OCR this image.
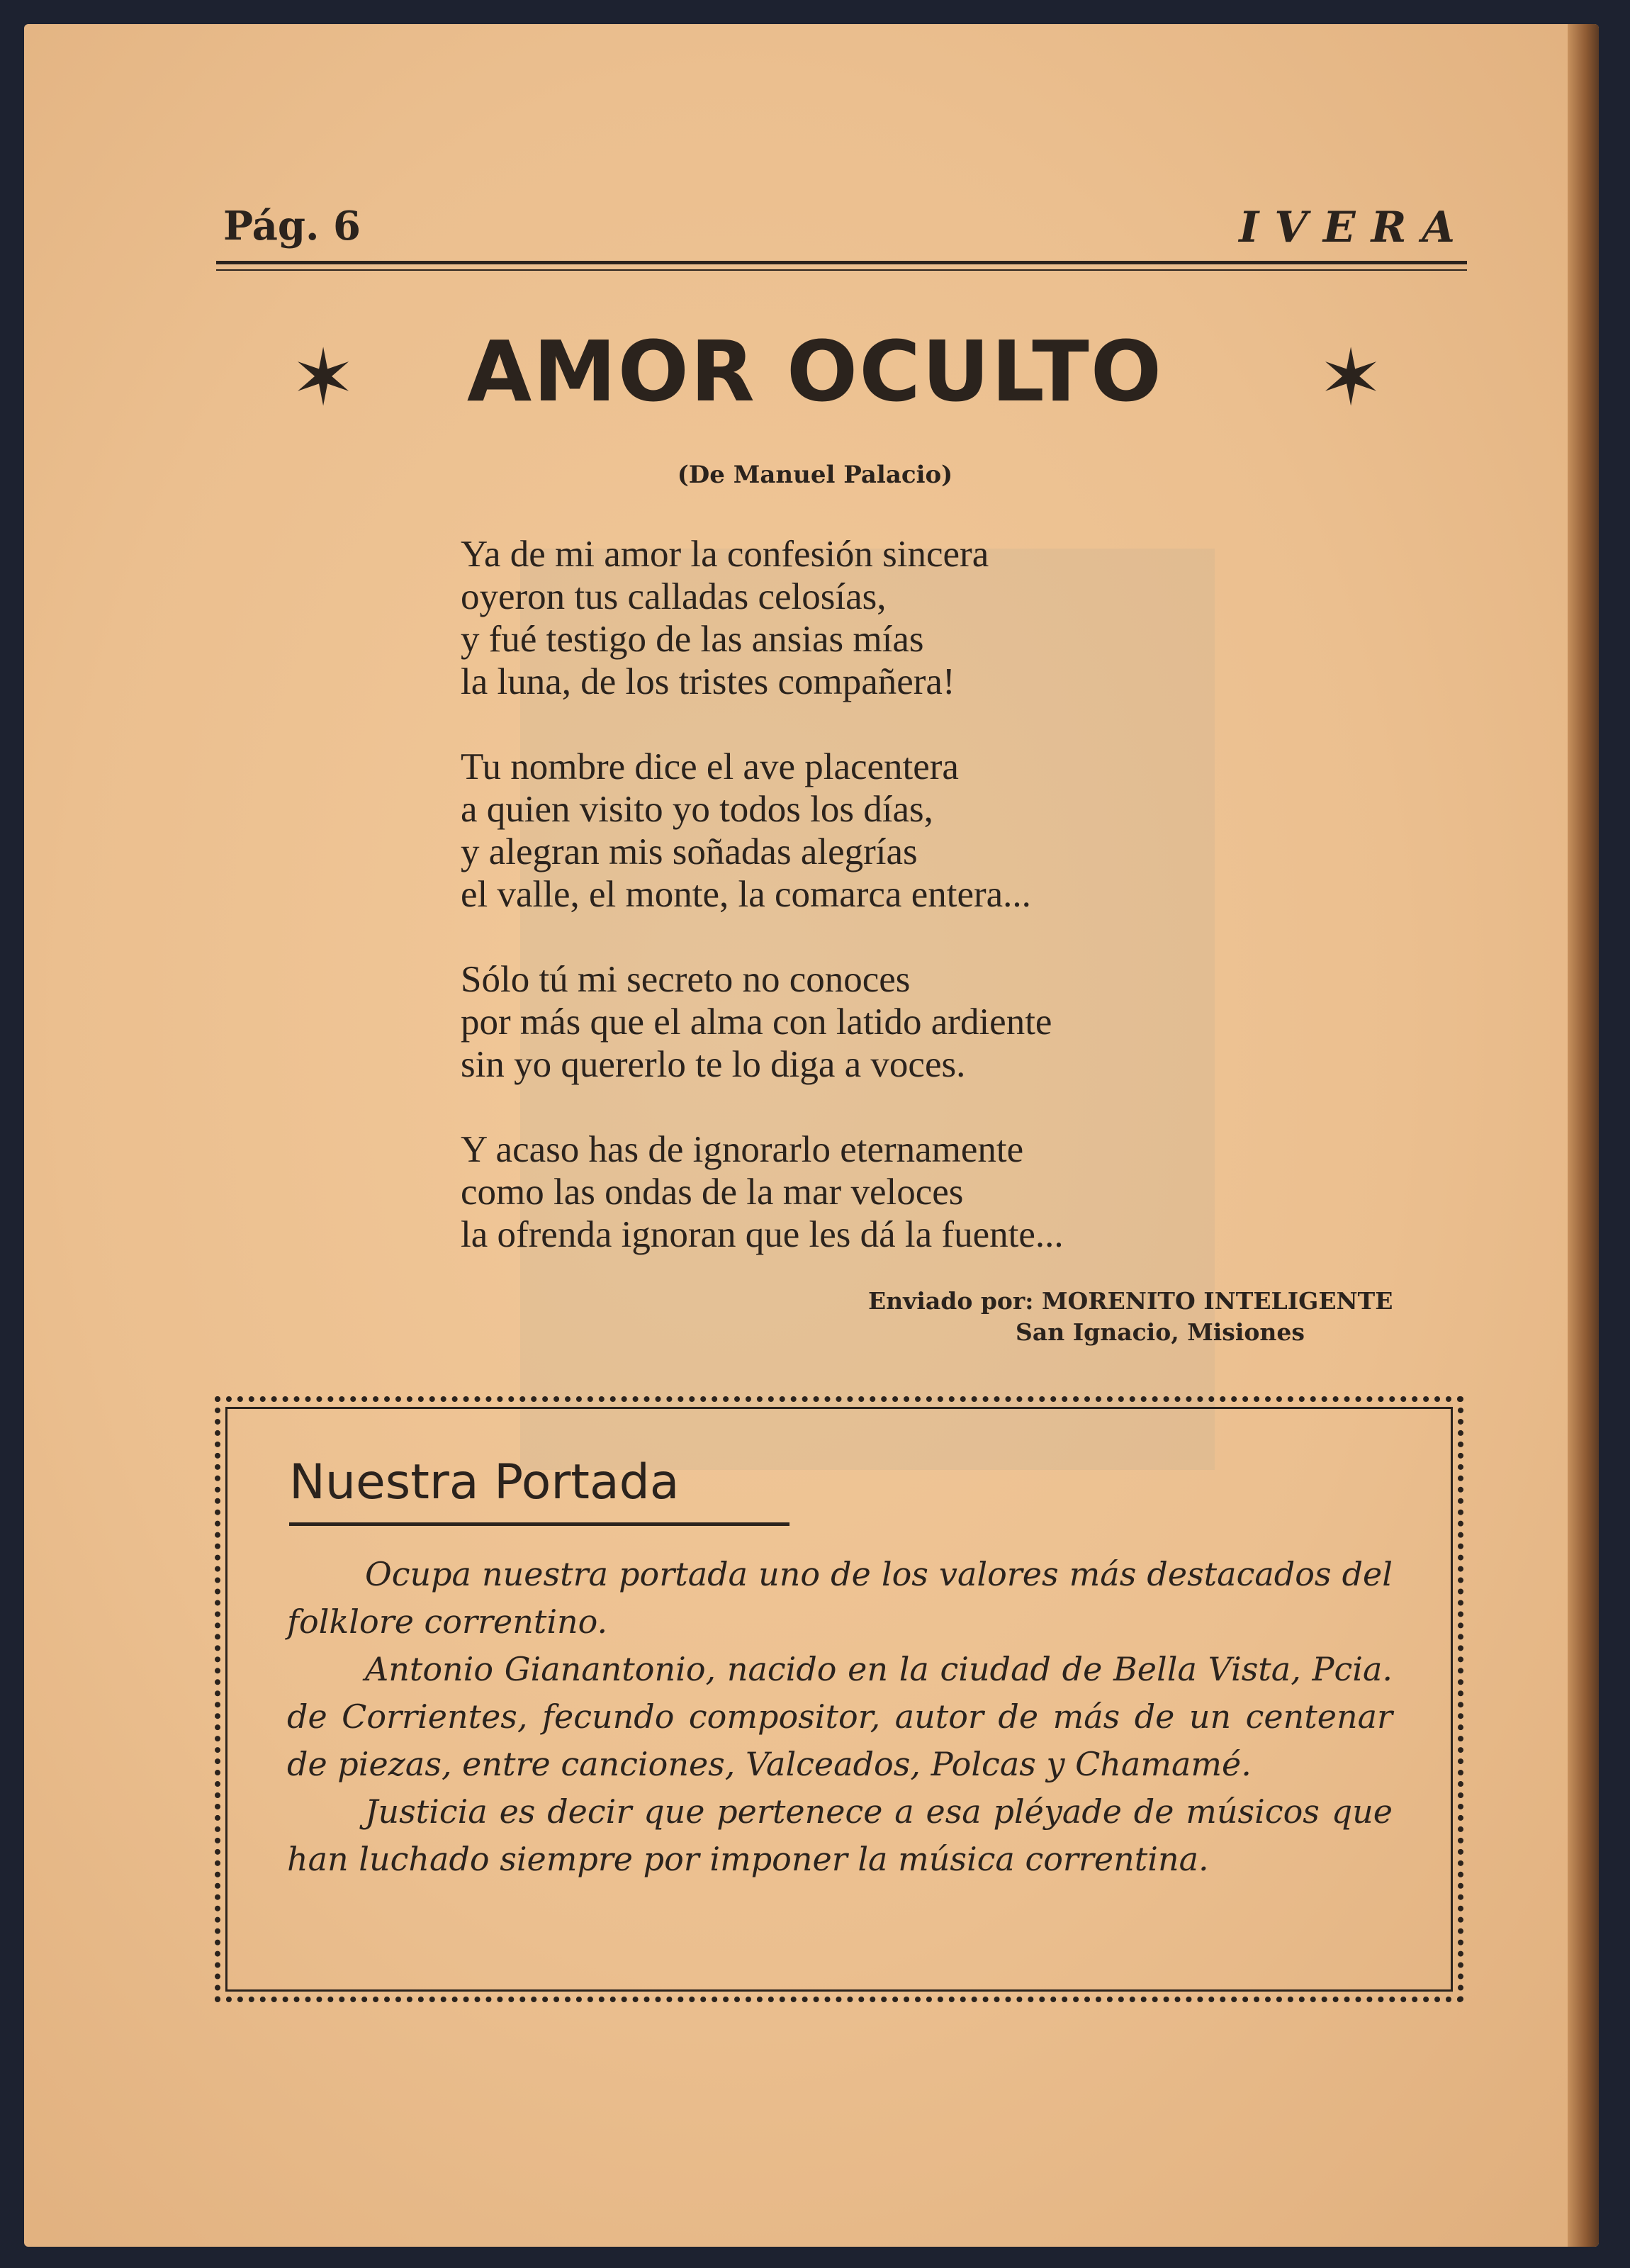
Pág. 6	IVERA
✶	✶
AMOR OCULTO
(De Manuel Palacio)
Ya de mi amor la confesión sincera
oyeron tus calladas celosías,
y fué testigo de las ansias mías
la luna, de los tristes compañera!
Tu nombre dice el ave placentera
a quien visito yo todos los días,
y alegran mis soñadas alegrías
el valle, el monte, la comarca entera...
Sólo tú mi secreto no conoces
por más que el alma con latido ardiente
sin yo quererlo te lo diga a voces.
Y acaso has de ignorarlo eternamente
como las ondas de la mar veloces
la ofrenda ignoran que les dá la fuente...
Enviado por: MORENITO INTELIGENTE
San Ignacio, Misiones
Nuestra Portada

Ocupa nuestra portada uno de los valores más destacados del folklore correntino.

Antonio Gianantonio, nacido en la ciudad de Bella Vista, Pcia. de Corrientes, fecundo compositor, autor de más de un centenar de piezas, entre canciones, Valceados, Polcas y Chamamé.

Justicia es decir que pertenece a esa pléyade de músicos que han luchado siempre por imponer la música correntina.
